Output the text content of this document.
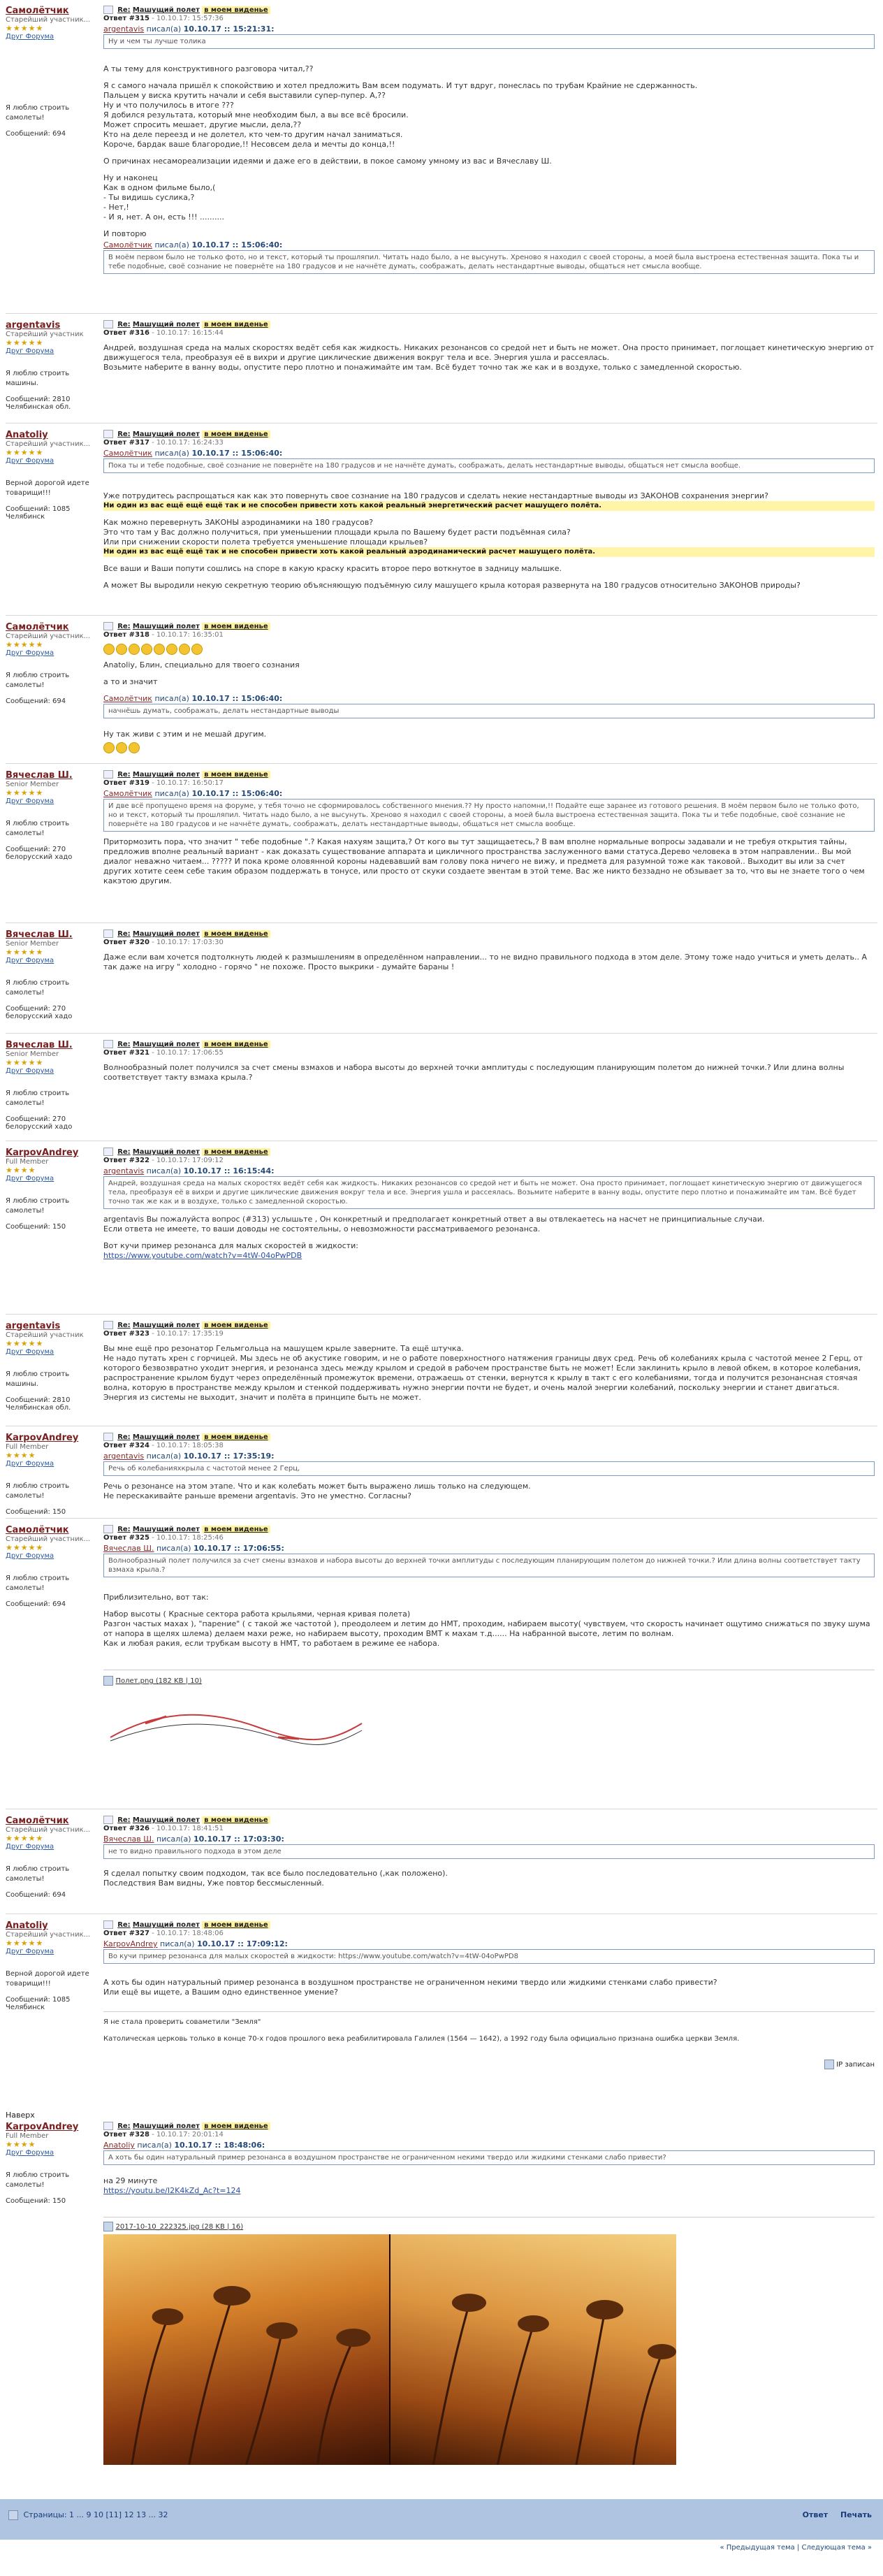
Самолётчик
Старейший участник...
★★★★★
Друг Форума
Я люблю строить самолеты!
Сообщений: 694
Re: Машущий полет в моем виденье
Ответ #315 - 10.10.17: 15:57:36
argentavis писал(а) 10.10.17 :: 15:21:31:
Ну и чем ты лучше толика

А ты тему для конструктивного разговора читал,??

Я с самого начала пришёл к спокойствию и хотел предложить Вам всем подумать. И тут вдруг, понеслась по трубам Крайние не сдержанность.
Пальцем у виска крутить начали и себя выставили супер-пупер. А,??
Ну и что получилось в итоге ???
Я добился результата, который мне необходим был, а вы все всё бросили.
Может спросить мешает, другие мысли, дела,??
Кто на деле переезд и не долетел, кто чем-то другим начал заниматься.

Короче, бардак ваше благородие,!! Несовсем дела и мечты до конца,!!

О причинах несамореализации идеями и даже его в действии, в покое самому умному из вас и Вячеславу Ш.

Ну и наконец
Как в одном фильме было,(
- Ты видишь суслика,?
- Нет,!

- И я, нет. А он, есть !!! ..........

И повторю
Самолётчик писал(а) 10.10.17 :: 15:06:40:
В моём первом было не только фото, но и текст, который ты прошляпил. Читать надо было, а не высунуть. Хреново я находил с своей стороны, а моей была выстроена естественная защита. Пока ты и тебе подобные, своё сознание не повернёте на 180 градусов и не начнёте думать, соображать, делать нестандартные выводы, общаться нет смысла вообще.
argentavis
Старейший участник
★★★★★
Друг Форума
Я люблю строить машины.
Сообщений: 2810 Челябинская обл.
Re: Машущий полет в моем виденье
Ответ #316 - 10.10.17: 16:15:44
Андрей, воздушная среда на малых скоростях ведёт себя как жидкость. Никаких резонансов со средой нет и быть не может. Она просто принимает, поглощает кинетическую энергию от движущегося тела, преобразуя её в вихри и другие циклические движения вокруг тела и все. Энергия ушла и рассеялась.
Возьмите наберите в ванну воды, опустите перо плотно и понажимайте им там. Всё будет точно так же как и в воздухе, только с замедленной скоростью.
Anatoliy
Старейший участник...
★★★★★
Друг Форума
Верной дорогой идете товарищи!!!
Сообщений: 1085 Челябинск
Re: Машущий полет в моем виденье
Ответ #317 - 10.10.17: 16:24:33
Самолётчик писал(а) 10.10.17 :: 15:06:40:
Пока ты и тебе подобные, своё сознание не повернёте на 180 градусов и не начнёте думать, соображать, делать нестандартные выводы, общаться нет смысла вообще.
Уже потрудитесь распрощаться как как это повернуть свое сознание на 180 градусов и сделать некие нестандартные выводы из ЗАКОНОВ сохранения энергии?

Ни один из вас ещё ещё ещё так и не способен привести хоть какой реальный энергетический расчет машущего полёта.

Как можно перевернуть ЗАКОНЫ аэродинамики на 180 градусов?
Это что там у Вас должно получиться, при уменьшении площади крыла по Вашему будет расти подъёмная сила?
Или при снижении скорости полета требуется уменьшение площади крыльев?

Ни один из вас ещё ещё так и не способен привести хоть какой реальный аэродинамический расчет машущего полёта.

Все ваши и Ваши попути сошлись на споре в какую краску красить второе перо воткнутое в задницу малышке.

А может Вы выродили некую секретную теорию объясняющую подъёмную силу машущего крыла которая развернута на 180 градусов относительно ЗАКОНОВ природы?
Самолётчик
Старейший участник...
★★★★★
Друг Форума
Я люблю строить самолеты!
Сообщений: 694
Re: Машущий полет в моем виденье
Ответ #318 - 10.10.17: 16:35:01

Anatoliy, Блин, специально для твоего сознания

а то и значит
Самолётчик писал(а) 10.10.17 :: 15:06:40:
начнёшь думать, соображать, делать нестандартные выводы
Ну так живи с этим и не мешай другим.
Вячеслав Ш.
Senior Member
★★★★★
Друг Форума
Я люблю строить самолеты!
Сообщений: 270 белорусский хадо
Re: Машущий полет в моем виденье
Ответ #319 - 10.10.17: 16:50:17
Самолётчик писал(а) 10.10.17 :: 15:06:40:
И две всё пропущено время на форуме, у тебя точно не сформировалось собственного мнения.?? Ну просто напомни,!! Подайте еще заранее из готового решения. В моём первом было не только фото, но и текст, который ты прошляпил. Читать надо было, а не высунуть. Хреново я находил с своей стороны, а моей была выстроена естественная защита. Пока ты и тебе подобные, своё сознание не повернёте на 180 градусов и не начнёте думать, соображать, делать нестандартные выводы, общаться нет смысла вообще.
Притормозить пора, что значит " тебе подобные ".? Какая нахуям защита,? От кого вы тут защищаетесь,? В вам вполне нормальные вопросы задавали и не требуя открытия тайны, предложив вполне реальный вариант - как доказать существование аппарата и цикличного пространства заслуженного вами статуса.Дерево человека в этом направлении.. Вы мой диалог неважно читаем... ????? И пока кроме оловянной короны надевавший вам голову пока ничего не вижу, и предмета для разумной тоже как таковой.. Выходит вы или за счет других хотите сеем себе таким образом поддержать в тонусе, или просто от скуки создаете эвентам в этой теме. Вас же никто беззадно не обзывает за то, что вы не знаете того о чем какэтою другим.
Вячеслав Ш.
Senior Member
★★★★★
Друг Форума
Я люблю строить самолеты!
Сообщений: 270 белорусский хадо
Re: Машущий полет в моем виденье
Ответ #320 - 10.10.17: 17:03:30
Даже если вам хочется подтолкнуть людей к размышлениям в определённом направлении... то не видно правильного подхода в этом деле. Этому тоже надо учиться и уметь делать.. А так даже на игру " холодно - горячо " не похоже. Просто выкрики - думайте бараны !
Вячеслав Ш.
Senior Member
★★★★★
Друг Форума
Я люблю строить самолеты!
Сообщений: 270 белорусский хадо
Re: Машущий полет в моем виденье
Ответ #321 - 10.10.17: 17:06:55
Волнообразный полет получился за счет смены взмахов и набора высоты до верхней точки амплитуды с последующим планирующим полетом до нижней точки.? Или длина волны соответствует такту взмаха крыла.?
KarpovAndrey
Full Member
★★★★
Друг Форума
Я люблю строить самолеты!
Сообщений: 150
Re: Машущий полет в моем виденье
Ответ #322 - 10.10.17: 17:09:12
argentavis писал(а) 10.10.17 :: 16:15:44:
Андрей, воздушная среда на малых скоростях ведёт себя как жидкость. Никаких резонансов со средой нет и быть не может. Она просто принимает, поглощает кинетическую энергию от движущегося тела, преобразуя её в вихри и другие циклические движения вокруг тела и все. Энергия ушла и рассеялась. Возьмите наберите в ванну воды, опустите перо плотно и понажимайте им там. Всё будет точно так же как и в воздухе, только с замедленной скоростью.
argentavis Вы пожалуйста вопрос (#313) услышьте , Он конкретный и предполагает конкретный ответ а вы отвлекаетесь на насчет не принципиальные случаи.

Если ответа не имеете, то ваши доводы не состоятельны, о невозможности рассматриваемого резонанса.

Вот кучи пример резонанса для малых скоростей в жидкости:
https://www.youtube.com/watch?v=4tW-04oPwPDB
argentavis
Старейший участник
★★★★★
Друг Форума
Я люблю строить машины.
Сообщений: 2810 Челябинская обл.
Re: Машущий полет в моем виденье
Ответ #323 - 10.10.17: 17:35:19
Вы мне ещё про резонатор Гельмгольца на машущем крыле заверните. Та ещё штучка.
Не надо путать хрен с горчицей. Мы здесь не об акустике говорим, и не о работе поверхностного натяжения границы двух сред. Речь об колебаниях крыла с частотой менее 2 Герц, от которого безвозвратно уходит энергия, и резонанса здесь между крылом и средой в рабочем пространстве быть не может! Если заклинить крыло в левой обкем, в которое колебания, распространение крылом будут через определённый промежуток времени, отражаешь от стенки, вернутся к крылу в такт с его колебаниями, тогда и получится резонансная стоячая волна, которую в пространстве между крылом и стенкой поддерживать нужно энергии почти не будет, и очень малой энергии колебаний, поскольку энергии и станет двигаться. Энергия из системы не выходит, значит и полёта в принципе быть не может.
KarpovAndrey
Full Member
★★★★
Друг Форума
Я люблю строить самолеты!
Сообщений: 150
Re: Машущий полет в моем виденье
Ответ #324 - 10.10.17: 18:05:38
argentavis писал(а) 10.10.17 :: 17:35:19:
Речь об колебанияхкрыла с частотой менее 2 Герц,
Речь о резонансе на этом этапе. Что и как колебать может быть выражено лишь только на следующем.
Не перескакивайте раньше времени argentavis. Это не уместно. Согласны?
Самолётчик
Старейший участник...
★★★★★
Друг Форума
Я люблю строить самолеты!
Сообщений: 694
Re: Машущий полет в моем виденье
Ответ #325 - 10.10.17: 18:25:46
Вячеслав Ш. писал(а) 10.10.17 :: 17:06:55:
Волнообразный полет получился за счет смены взмахов и набора высоты до верхней точки амплитуды с последующим планирующим полетом до нижней точки.? Или длина волны соответствует такту взмаха крыла.?

Приблизительно, вот так:

Набор высоты ( Красные сектора работа крыльями, черная кривая полета)
Разгон частых махах ), "парение" ( с такой же частотой ), преодолеем и летим до НМТ, проходим, набираем высоту( чувствуем, что скорость начинает ощутимо снижаться по звуку шума от напора в щелях шлема) делаем махи реже, но набираем высоту, проходим ВМТ к махам т.д...... На набранной высоте, летим по волнам.
Как и любая ракия, если трубкам высоту в НМТ, то работаем в режиме ее набора.
Полет.png (182 KB | 10)
Самолётчик
Старейший участник...
★★★★★
Друг Форума
Я люблю строить самолеты!
Сообщений: 694
Re: Машущий полет в моем виденье
Ответ #326 - 10.10.17: 18:41:51
Вячеслав Ш. писал(а) 10.10.17 :: 17:03:30:
не то видно правильного подхода в этом деле
Я сделал попытку своим подходом, так все было последовательно (,как положено).
Последствия Вам видны, Уже повтор бессмысленный.
Anatoliy
Старейший участник...
★★★★★
Друг Форума
Верной дорогой идете товарищи!!!
Сообщений: 1085 Челябинск
Re: Машущий полет в моем виденье
Ответ #327 - 10.10.17: 18:48:06
KarpovAndrey писал(а) 10.10.17 :: 17:09:12:
Во кучи пример резонанса для малых скоростей в жидкости: https://www.youtube.com/watch?v=4tW-04oPwPD8
А хоть бы один натуральный пример резонанса в воздушном пространстве не ограниченном некими твердо или жидкими стенками слабо привести?

Или ещё вы ищете, а Вашим одно единственное умение?

Я не стала проверить соваметили "Земля"
Католическая церковь только в конце 70-х годов прошлого века реабилитировала Галилея (1564 — 1642), а 1992 году была официально признана ошибка церкви Земля.
IP записан
Наверх
KarpovAndrey
Full Member
★★★★
Друг Форума
Я люблю строить самолеты!
Сообщений: 150
Re: Машущий полет в моем виденье
Ответ #328 - 10.10.17: 20:01:14
Anatoliy писал(а) 10.10.17 :: 18:48:06:
А хоть бы один натуральный пример резонанса в воздушном пространстве не ограниченном некими твердо или жидкими стенками слабо привести?
на 29 минуте
https://youtu.be/I2K4kZd_Ac?t=124
2017-10-10_222325.jpg (28 KB | 16)
Страницы: 1 ... 9 10 [11] 12 13 ... 32	Ответ Печать
« Предыдущая тема | Следующая тема »
